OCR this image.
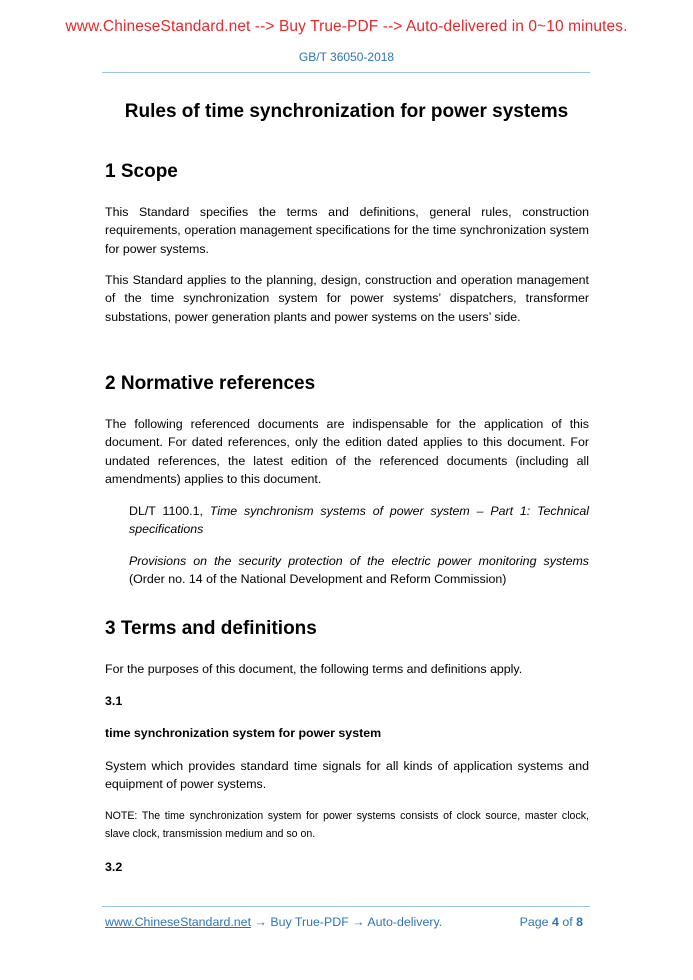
www.ChineseStandard.net --> Buy True-PDF --> Auto-delivered in 0~10 minutes.
GB/T 36050-2018
Rules of time synchronization for power systems
1 Scope

This Standard specifies the terms and definitions, general rules, construction requirements, operation management specifications for the time synchronization system for power systems.

This Standard applies to the planning, design, construction and operation management of the time synchronization system for power systems’ dispatchers, transformer substations, power generation plants and power systems on the users’ side.

2 Normative references

The following referenced documents are indispensable for the application of this document. For dated references, only the edition dated applies to this document. For undated references, the latest edition of the referenced documents (including all amendments) applies to this document.

DL/T 1100.1, Time synchronism systems of power system – Part 1: Technical specifications

Provisions on the security protection of the electric power monitoring systems (Order no. 14 of the National Development and Reform Commission)

3 Terms and definitions

For the purposes of this document, the following terms and definitions apply.

3.1

time synchronization system for power system

System which provides standard time signals for all kinds of application systems and equipment of power systems.

NOTE: The time synchronization system for power systems consists of clock source, master clock, slave clock, transmission medium and so on.

3.2

www.ChineseStandard.net → Buy True-PDF → Auto-delivery.	Page 4 of 8
